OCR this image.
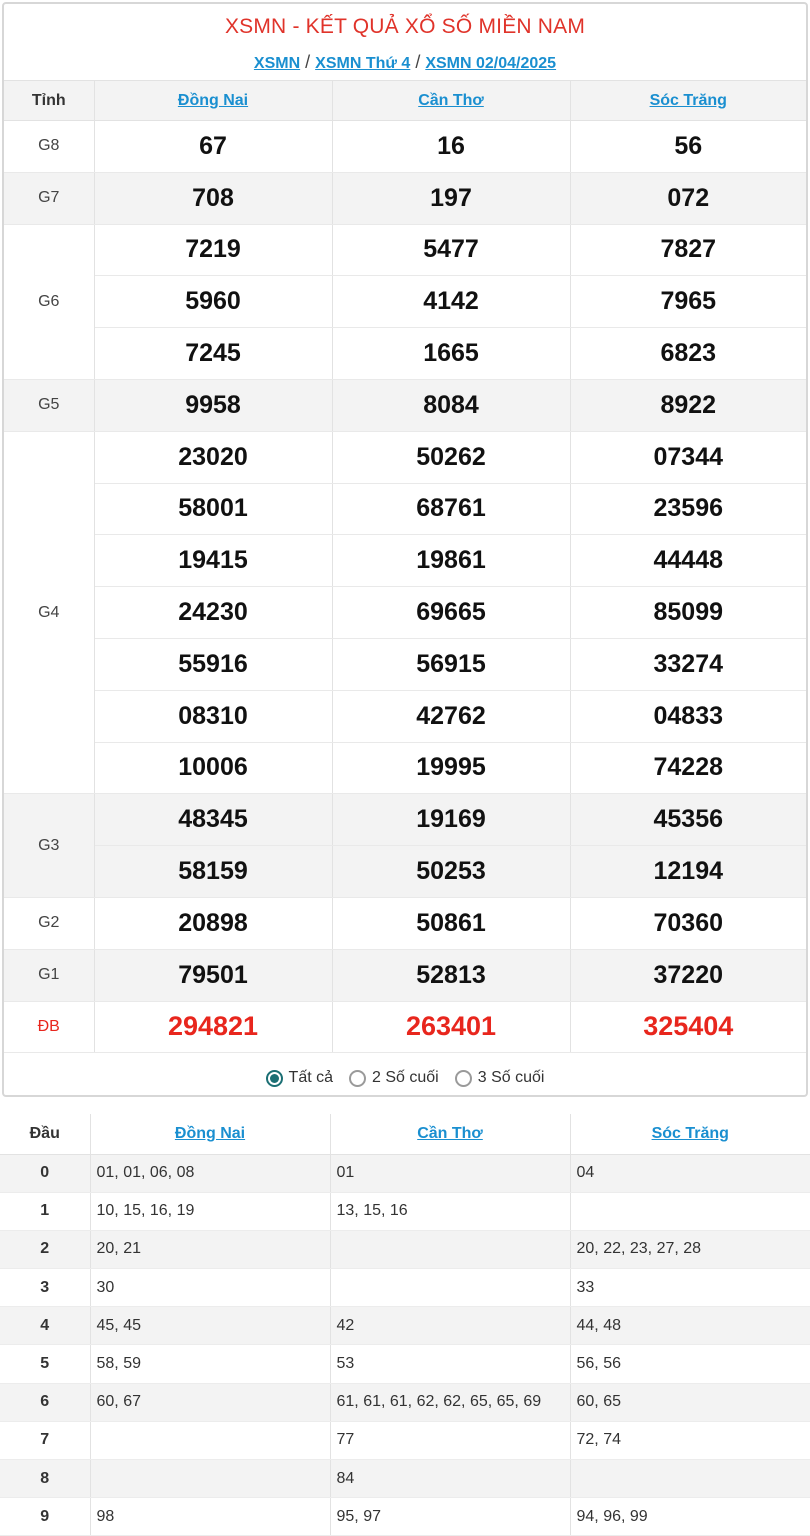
XSMN - KẾT QUẢ XỔ SỐ MIỀN NAM
XSMN / XSMN Thứ 4 / XSMN 02/04/2025
Tỉnh	Đồng Nai	Cần Thơ	Sóc Trăng
G8	67	16	56
G7	708	197	072
G6	7219	5477	7827
	5960	4142	7965
	7245	1665	6823
G5	9958	8084	8922
G4	23020	50262	07344
	58001	68761	23596
	19415	19861	44448
	24230	69665	85099
	55916	56915	33274
	08310	42762	04833
	10006	19995	74228
G3	48345	19169	45356
	58159	50253	12194
G2	20898	50861	70360
G1	79501	52813	37220
ĐB	294821	263401	325404
Tất cả 2 Số cuối 3 Số cuối
Đầu	Đồng Nai	Cần Thơ	Sóc Trăng
0	01, 01, 06, 08	01	04
1	10, 15, 16, 19	13, 15, 16	
2	20, 21		20, 22, 23, 27, 28
3	30		33
4	45, 45	42	44, 48
5	58, 59	53	56, 56
6	60, 67	61, 61, 61, 62, 62, 65, 65, 69	60, 65
7		77	72, 74
8		84	
9	98	95, 97	94, 96, 99
